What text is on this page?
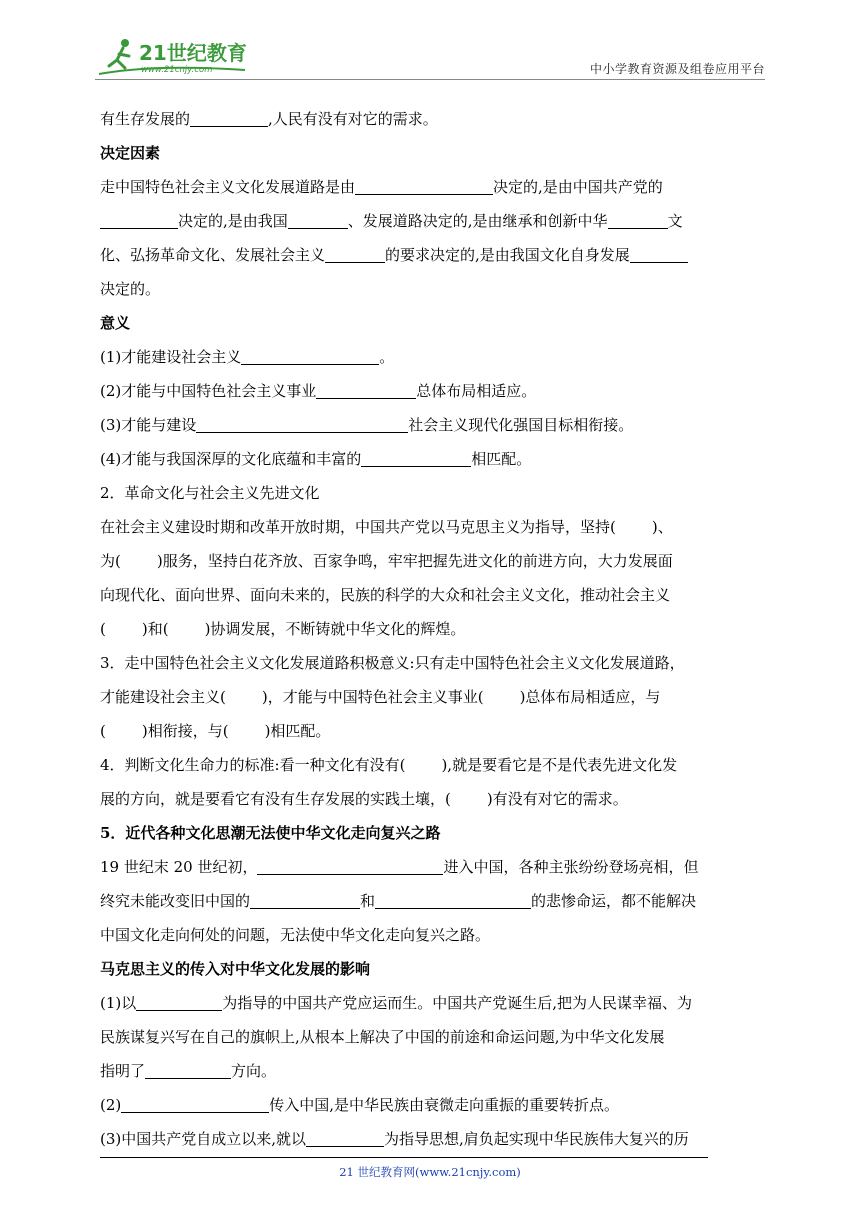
21世纪教育
www.21cnjy.com	中小学教育资源及组卷应用平台
有生存发展的	,人民有没有对它的需求。
决定因素
走中国特色社会主义文化发展道路是由	决定的,是由中国共产党的
决定的,是由我国	、发展道路决定的,是由继承和创新中华	文
化、弘扬革命文化、发展社会主义	的要求决定的,是由我国文化自身发展
决定的。
意义
(1)才能建设社会主义	。
(2)才能与中国特色社会主义事业	总体布局相适应。
(3)才能与建设	社会主义现代化强国目标相衔接。
(4)才能与我国深厚的文化底蕴和丰富的	相匹配。
2．革命文化与社会主义先进文化
在社会主义建设时期和改革开放时期，中国共产党以马克思主义为指导，坚持( )、
为( )服务，坚持白花齐放、百家争鸣，牢牢把握先进文化的前进方向，大力发展面
向现代化、面向世界、面向未来的，民族的科学的大众和社会主义文化，推动社会主义
( )和( )协调发展，不断铸就中华文化的辉煌。
3．走中国特色社会主义文化发展道路积极意义:只有走中国特色社会主义文化发展道路，
才能建设社会主义( )，才能与中国特色社会主义事业( )总体布局相适应，与
( )相衔接，与( )相匹配。
4．判断文化生命力的标准:看一种文化有没有( ),就是要看它是不是代表先进文化发
展的方向，就是要看它有没有生存发展的实践土壤，( )有没有对它的需求。
5．近代各种文化思潮无法使中华文化走向复兴之路
19 世纪末 20 世纪初，	进入中国，各种主张纷纷登场亮相，但
终究未能改变旧中国的	和	的悲惨命运，都不能解决
中国文化走向何处的问题，无法使中华文化走向复兴之路。
马克思主义的传入对中华文化发展的影响
(1)以	为指导的中国共产党应运而生。中国共产党诞生后,把为人民谋幸福、为
民族谋复兴写在自己的旗帜上,从根本上解决了中国的前途和命运问题,为中华文化发展
指明了	方向。
(2)	传入中国,是中华民族由衰微走向重振的重要转折点。
(3)中国共产党自成立以来,就以	为指导思想,肩负起实现中华民族伟大复兴的历
21 世纪教育网(www.21cnjy.com)
